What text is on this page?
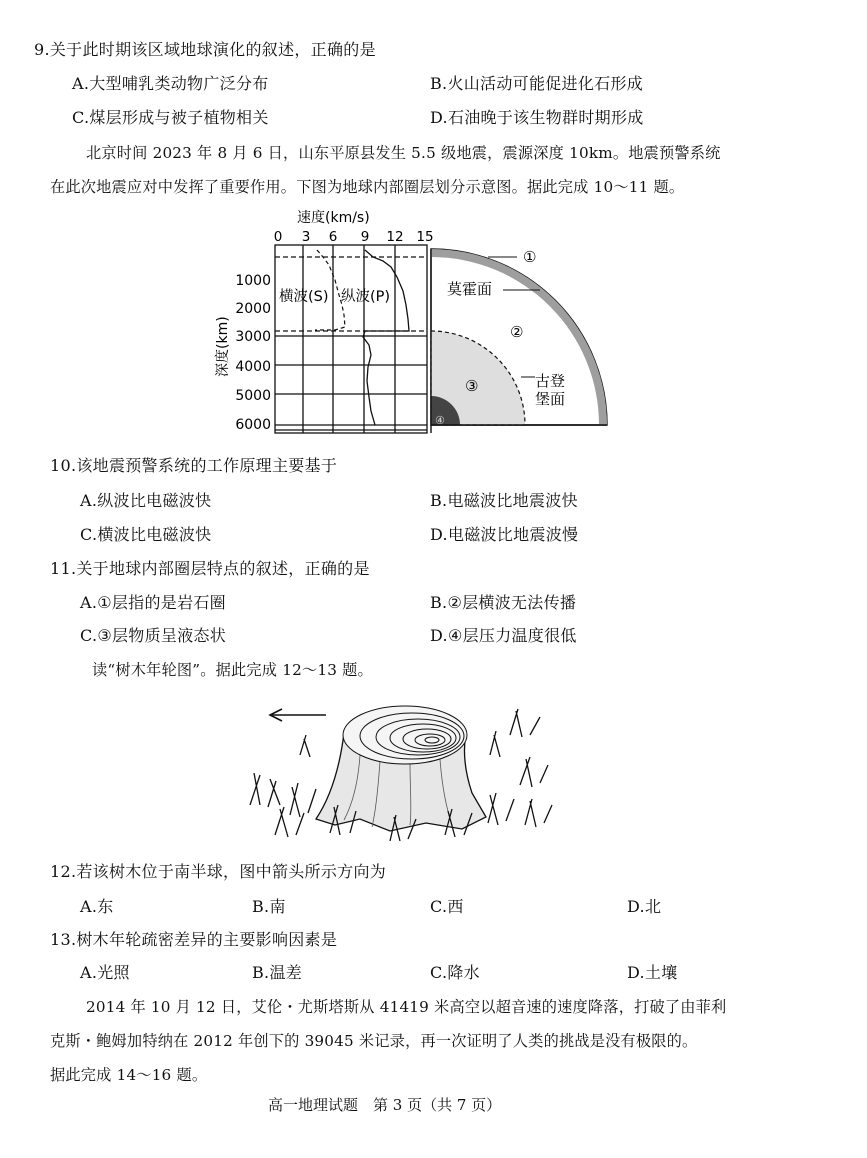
9.关于此时期该区域地球演化的叙述，正确的是
A.大型哺乳类动物广泛分布	B.火山活动可能促进化石形成
C.煤层形成与被子植物相关	D.石油晚于该生物群时期形成
北京时间 2023 年 8 月 6 日，山东平原县发生 5.5 级地震，震源深度 10km。地震预警系统
在此次地震应对中发挥了重要作用。下图为地球内部圈层划分示意图。据此完成 10～11 题。
速度(km/s)
0 3 6 9 12 15
深度(km)
1000
2000
3000
4000
5000
6000
横波(S) 纵波(P)
①
莫霍面
②
③	古登
堡面
④
10.该地震预警系统的工作原理主要基于
A.纵波比电磁波快	B.电磁波比地震波快
C.横波比电磁波快	D.电磁波比地震波慢
11.关于地球内部圈层特点的叙述，正确的是
A.①层指的是岩石圈	B.②层横波无法传播
C.③层物质呈液态状	D.④层压力温度很低
读“树木年轮图”。据此完成 12～13 题。
12.若该树木位于南半球，图中箭头所示方向为
A.东	B.南	C.西	D.北
13.树木年轮疏密差异的主要影响因素是
A.光照	B.温差	C.降水	D.土壤
2014 年 10 月 12 日，艾伦・尤斯塔斯从 41419 米高空以超音速的速度降落，打破了由菲利
克斯・鲍姆加特纳在 2012 年创下的 39045 米记录，再一次证明了人类的挑战是没有极限的。
据此完成 14～16 题。
高一地理试题　第 3 页（共 7 页）
